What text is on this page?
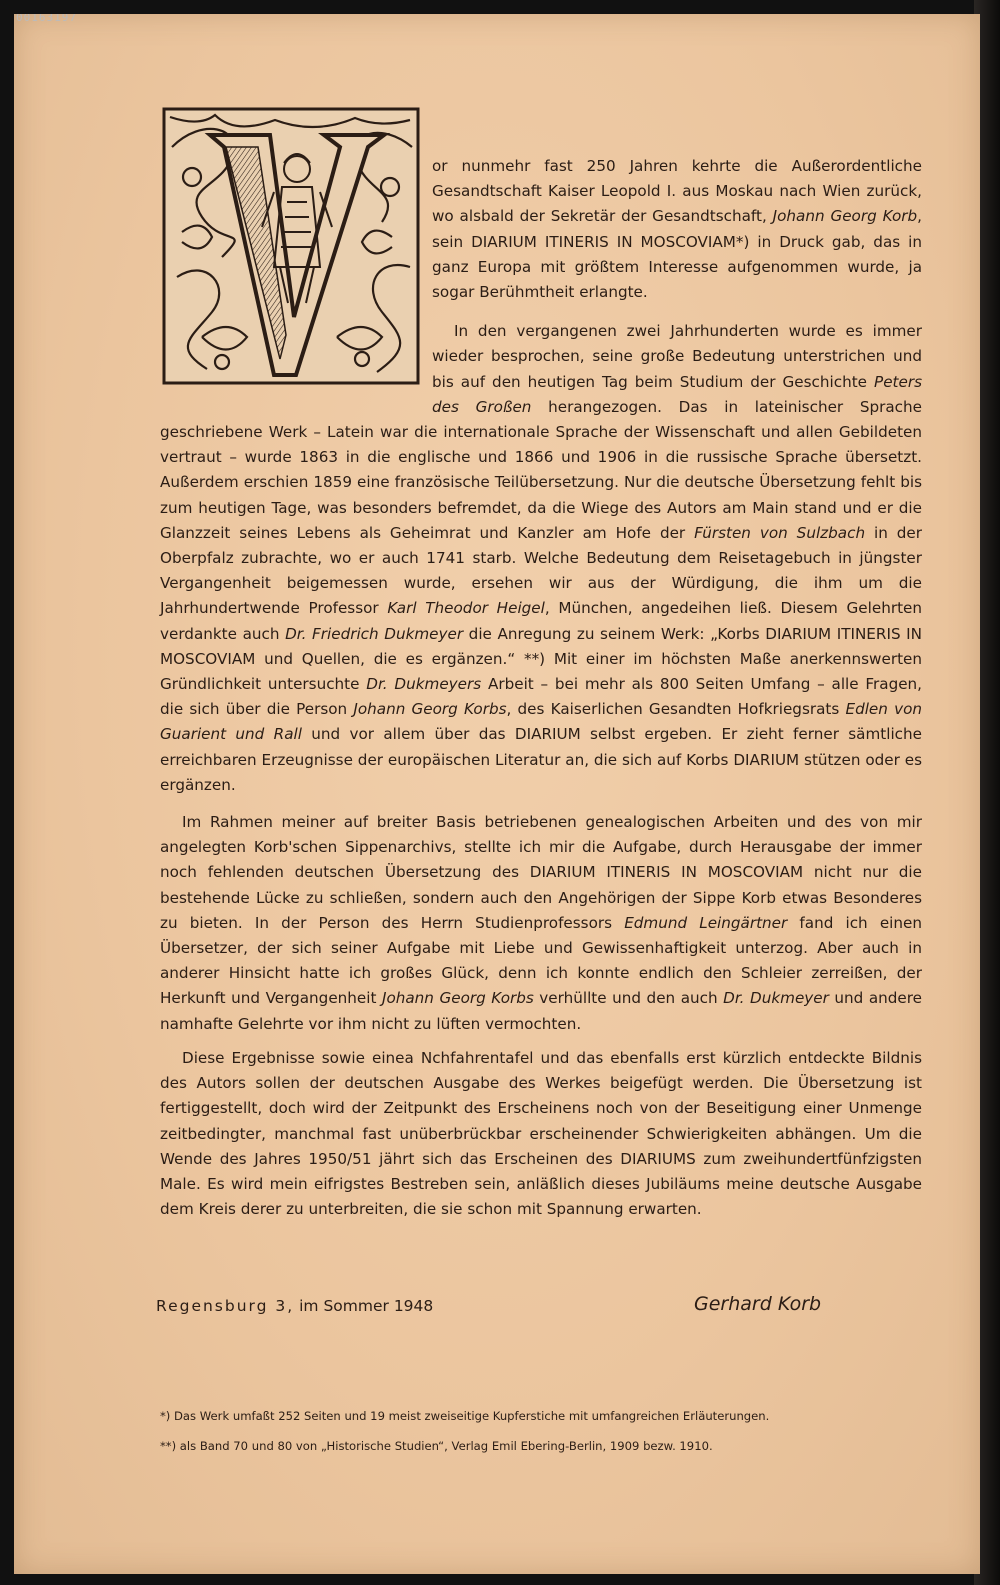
00163197
or nunmehr fast 250 Jahren kehrte die Außerordentliche Gesandtschaft Kaiser Leopold I. aus Moskau nach Wien zurück, wo alsbald der Sekretär der Gesandtschaft, Johann Georg Korb, sein DIARIUM ITINERIS IN MOSCOVIAM*) in Druck gab, das in ganz Europa mit größtem Interesse aufgenommen wurde, ja sogar Berühmtheit erlangte.
In den vergangenen zwei Jahrhunderten wurde es immer wieder besprochen, seine große Bedeutung unterstrichen und bis auf den heutigen Tag beim Studium der Geschichte Peters des Großen herangezogen. Das in lateinischer Sprache geschriebene Werk – Latein war die internationale Sprache der Wissenschaft und allen Gebildeten vertraut – wurde 1863 in die englische und 1866 und 1906 in die russische Sprache übersetzt. Außerdem erschien 1859 eine französische Teilübersetzung. Nur die deutsche Übersetzung fehlt bis zum heutigen Tage, was besonders befremdet, da die Wiege des Autors am Main stand und er die Glanzzeit seines Lebens als Geheimrat und Kanzler am Hofe der Fürsten von Sulzbach in der Oberpfalz zubrachte, wo er auch 1741 starb. Welche Bedeutung dem Reisetagebuch in jüngster Vergangenheit beigemessen wurde, ersehen wir aus der Würdigung, die ihm um die Jahrhundertwende Professor Karl Theodor Heigel, München, angedeihen ließ. Diesem Gelehrten verdankte auch Dr. Friedrich Dukmeyer die Anregung zu seinem Werk: „Korbs DIARIUM ITINERIS IN MOSCOVIAM und Quellen, die es ergänzen.“ **) Mit einer im höchsten Maße anerkennswerten Gründlichkeit untersuchte Dr. Dukmeyers Arbeit – bei mehr als 800 Seiten Umfang – alle Fragen, die sich über die Person Johann Georg Korbs, des Kaiserlichen Gesandten Hofkriegsrats Edlen von Guarient und Rall und vor allem über das DIARIUM selbst ergeben. Er zieht ferner sämtliche erreichbaren Erzeugnisse der europäischen Literatur an, die sich auf Korbs DIARIUM stützen oder es ergänzen.
Im Rahmen meiner auf breiter Basis betriebenen genealogischen Arbeiten und des von mir angelegten Korb'schen Sippenarchivs, stellte ich mir die Aufgabe, durch Herausgabe der immer noch fehlenden deutschen Übersetzung des DIARIUM ITINERIS IN MOSCOVIAM nicht nur die bestehende Lücke zu schließen, sondern auch den Angehörigen der Sippe Korb etwas Besonderes zu bieten. In der Person des Herrn Studienprofessors Edmund Leingärtner fand ich einen Übersetzer, der sich seiner Aufgabe mit Liebe und Gewissenhaftigkeit unterzog. Aber auch in anderer Hinsicht hatte ich großes Glück, denn ich konnte endlich den Schleier zerreißen, der Herkunft und Vergangenheit Johann Georg Korbs verhüllte und den auch Dr. Dukmeyer und andere namhafte Gelehrte vor ihm nicht zu lüften vermochten.
Diese Ergebnisse sowie einea Nchfahrentafel und das ebenfalls erst kürzlich entdeckte Bildnis des Autors sollen der deutschen Ausgabe des Werkes beigefügt werden. Die Übersetzung ist fertiggestellt, doch wird der Zeitpunkt des Erscheinens noch von der Beseitigung einer Unmenge zeitbedingter, manchmal fast unüberbrückbar erscheinender Schwierigkeiten abhängen. Um die Wende des Jahres 1950/51 jährt sich das Erscheinen des DIARIUMS zum zweihundertfünfzigsten Male. Es wird mein eifrigstes Bestreben sein, anläßlich dieses Jubiläums meine deutsche Ausgabe dem Kreis derer zu unterbreiten, die sie schon mit Spannung erwarten.
Regensburg 3, im Sommer 1948	Gerhard Korb
*) Das Werk umfaßt 252 Seiten und 19 meist zweiseitige Kupferstiche mit umfangreichen Erläuterungen.
**) als Band 70 und 80 von „Historische Studien“, Verlag Emil Ebering-Berlin, 1909 bezw. 1910.
